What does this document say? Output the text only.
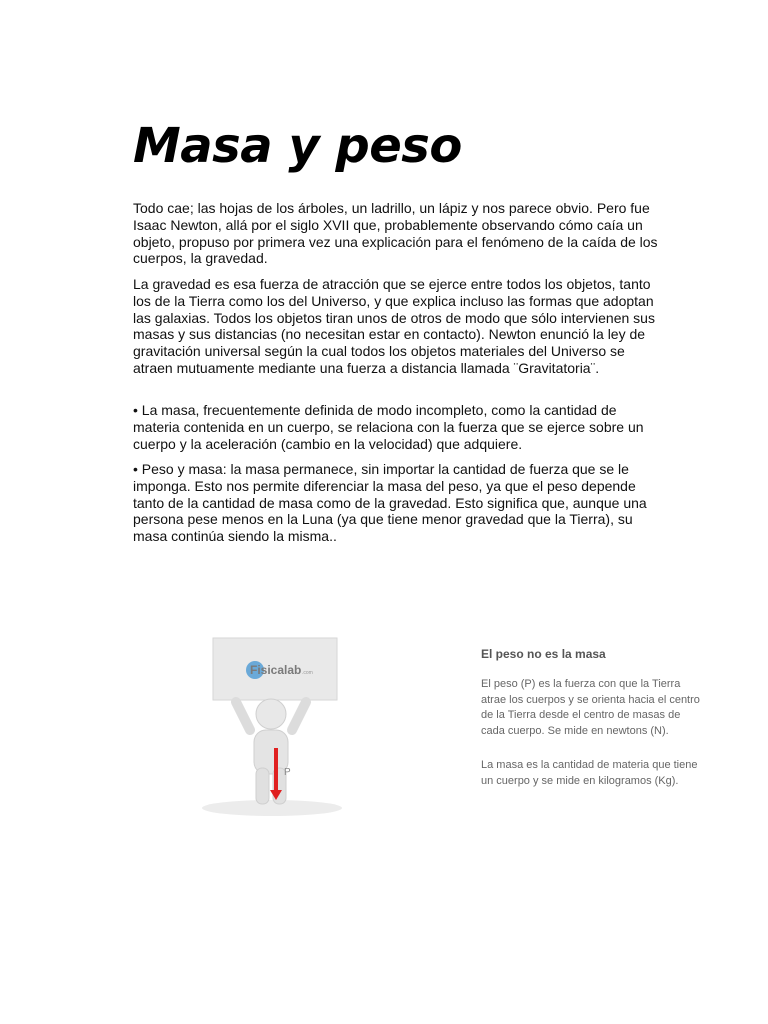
Masa y peso

Todo cae; las hojas de los árboles, un ladrillo, un lápiz y nos parece obvio. Pero fue Isaac Newton, allá por el siglo XVII que, probablemente observando cómo caía un objeto, propuso por primera vez una explicación para el fenómeno de la caída de los cuerpos, la gravedad.

La gravedad es esa fuerza de atracción que se ejerce entre todos los objetos, tanto los de la Tierra como los del Universo, y que explica incluso las formas que adoptan las galaxias. Todos los objetos tiran unos de otros de modo que sólo intervienen sus masas y sus distancias (no necesitan estar en contacto). Newton enunció la ley de gravitación universal según la cual todos los objetos materiales del Universo se atraen mutuamente mediante una fuerza a distancia llamada ¨Gravitatoria¨.

• La masa, frecuentemente definida de modo incompleto, como la cantidad de materia contenida en un cuerpo, se relaciona con la fuerza que se ejerce sobre un cuerpo y la aceleración (cambio en la velocidad) que adquiere.

• Peso y masa: la masa permanece, sin importar la cantidad de fuerza que se le imponga. Esto nos permite diferenciar la masa del peso, ya que el peso depende tanto de la cantidad de masa como de la gravedad. Esto significa que, aunque una persona pese menos en la Luna (ya que tiene menor gravedad que la Tierra), su masa continúa siendo la misma..

Fisicalab .com
P

El peso no es la masa

El peso (P) es la fuerza con que la Tierra atrae los cuerpos y se orienta hacia el centro de la Tierra desde el centro de masas de cada cuerpo. Se mide en newtons (N).

La masa es la cantidad de materia que tiene un cuerpo y se mide en kilogramos (Kg).
